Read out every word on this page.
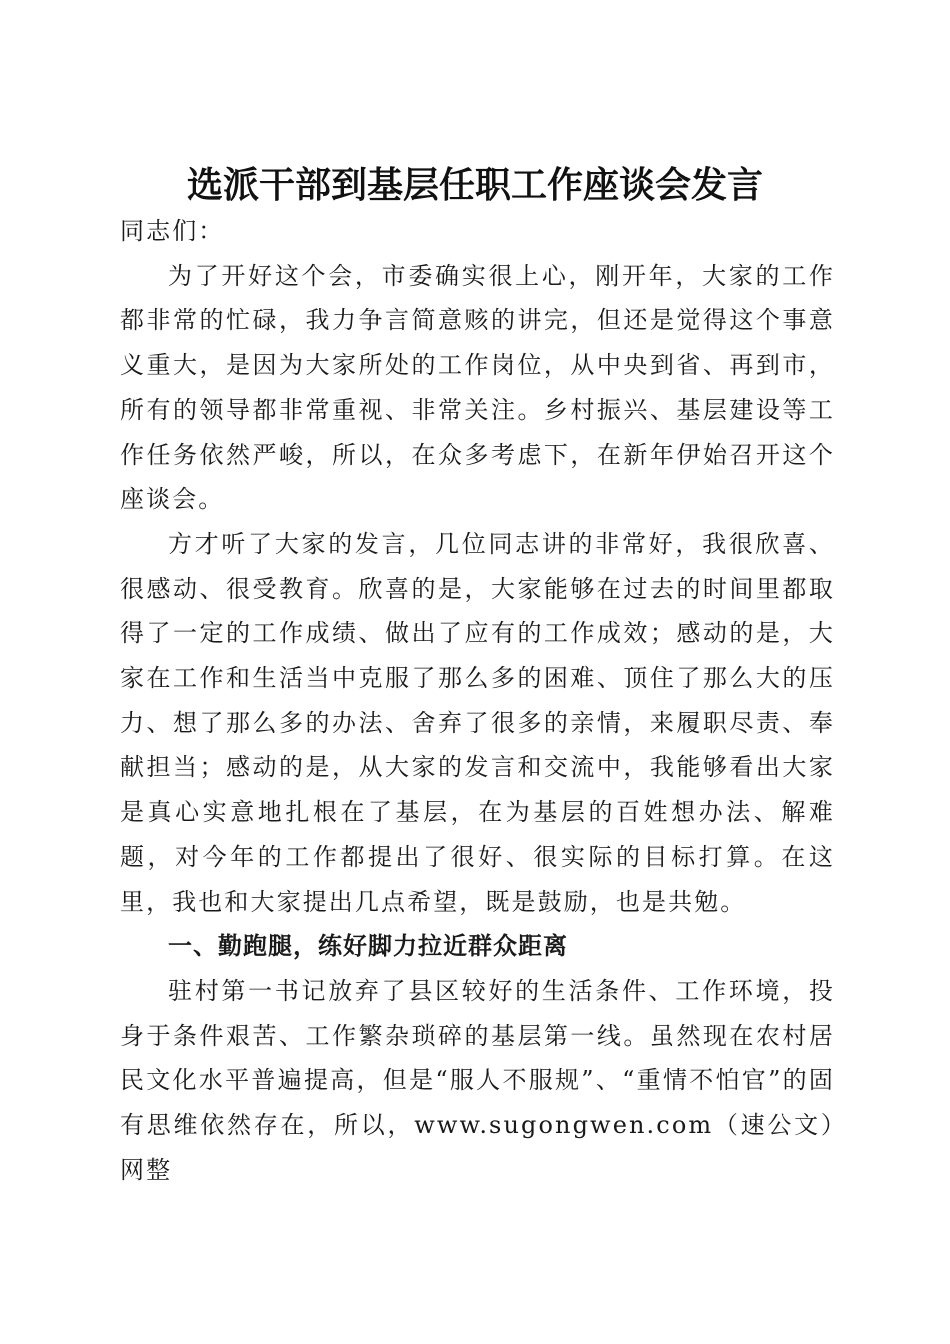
选派干部到基层任职工作座谈会发言

同志们：

为了开好这个会，市委确实很上心，刚开年，大家的工作都非常的忙碌，我力争言简意赅的讲完，但还是觉得这个事意义重大，是因为大家所处的工作岗位，从中央到省、再到市，所有的领导都非常重视、非常关注。乡村振兴、基层建设等工作任务依然严峻，所以，在众多考虑下，在新年伊始召开这个座谈会。

方才听了大家的发言，几位同志讲的非常好，我很欣喜、很感动、很受教育。欣喜的是，大家能够在过去的时间里都取得了一定的工作成绩、做出了应有的工作成效；感动的是，大家在工作和生活当中克服了那么多的困难、顶住了那么大的压力、想了那么多的办法、舍弃了很多的亲情，来履职尽责、奉献担当；感动的是，从大家的发言和交流中，我能够看出大家是真心实意地扎根在了基层，在为基层的百姓想办法、解难题，对今年的工作都提出了很好、很实际的目标打算。在这里，我也和大家提出几点希望，既是鼓励，也是共勉。

一、勤跑腿，练好脚力拉近群众距离

驻村第一书记放弃了县区较好的生活条件、工作环境，投身于条件艰苦、工作繁杂琐碎的基层第一线。虽然现在农村居民文化水平普遍提高，但是“服人不服规”、“重情不怕官”的固有思维依然存在，所以，www.sugongwen.com（速公文）网整
